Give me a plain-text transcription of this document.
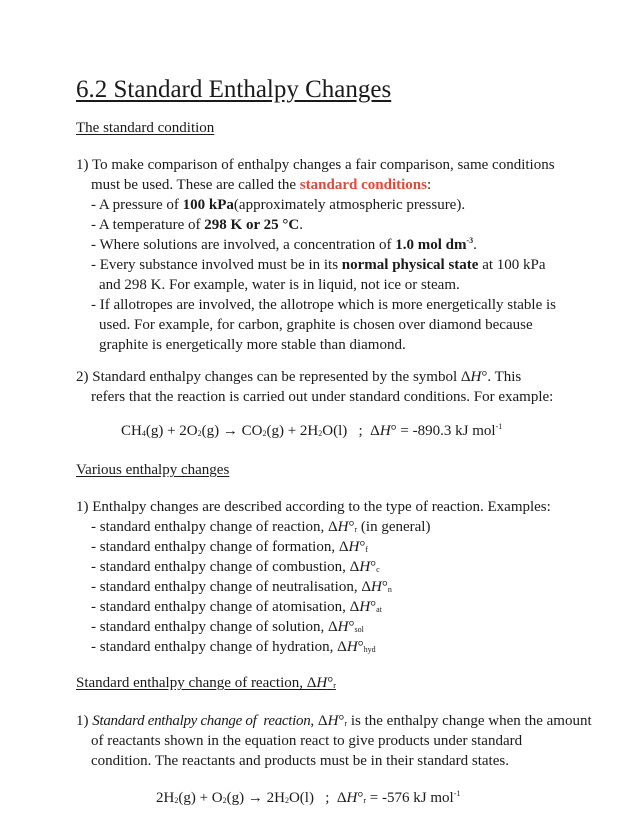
6.2 Standard Enthalpy Changes
The standard condition
1) To make comparison of enthalpy changes a fair comparison, same conditions
must be used. These are called the standard conditions:
- A pressure of 100 kPa(approximately atmospheric pressure).
- A temperature of 298 K or 25 °C.
- Where solutions are involved, a concentration of 1.0 mol $dm^{-3}$.
- Every substance involved must be in its normal physical state at 100 kPa
and 298 K. For example, water is in liquid, not ice or steam.
- If allotropes are involved, the allotrope which is more energetically stable is
used. For example, for carbon, graphite is chosen over diamond because
graphite is energetically more stable than diamond.
2) Standard enthalpy changes can be represented by the symbol ΔH°. This
refers that the reaction is carried out under standard conditions. For example:
$CH_4(g) + 2O_2(g) \to CO_2(g) + 2H_2O(l)$   ;  ΔH° = -890.3 kJ mol$^{-1}$
Various enthalpy changes
1) Enthalpy changes are described according to the type of reaction. Examples:
- standard enthalpy change of reaction, $\Delta H^\circ_r$ (in general)
- standard enthalpy change of formation, $\Delta H^\circ_f$
- standard enthalpy change of combustion, $\Delta H^\circ_c$
- standard enthalpy change of neutralisation, $\Delta H^\circ_n$
- standard enthalpy change of atomisation, $\Delta H^\circ_{at}$
- standard enthalpy change of solution, $\Delta H^\circ_{sol}$
- standard enthalpy change of hydration, $\Delta H^\circ_{hyd}$
Standard enthalpy change of reaction, $\Delta H^\circ_r$
1) Standard enthalpy change of  reaction, $\Delta H^\circ_r$ is the enthalpy change when the amount
of reactants shown in the equation react to give products under standard
condition. The reactants and products must be in their standard states.
$2H_2(g) + O_2(g) \to 2H_2O(l)$   ;  $\Delta H^\circ_r = -576$ kJ mol$^{-1}$
